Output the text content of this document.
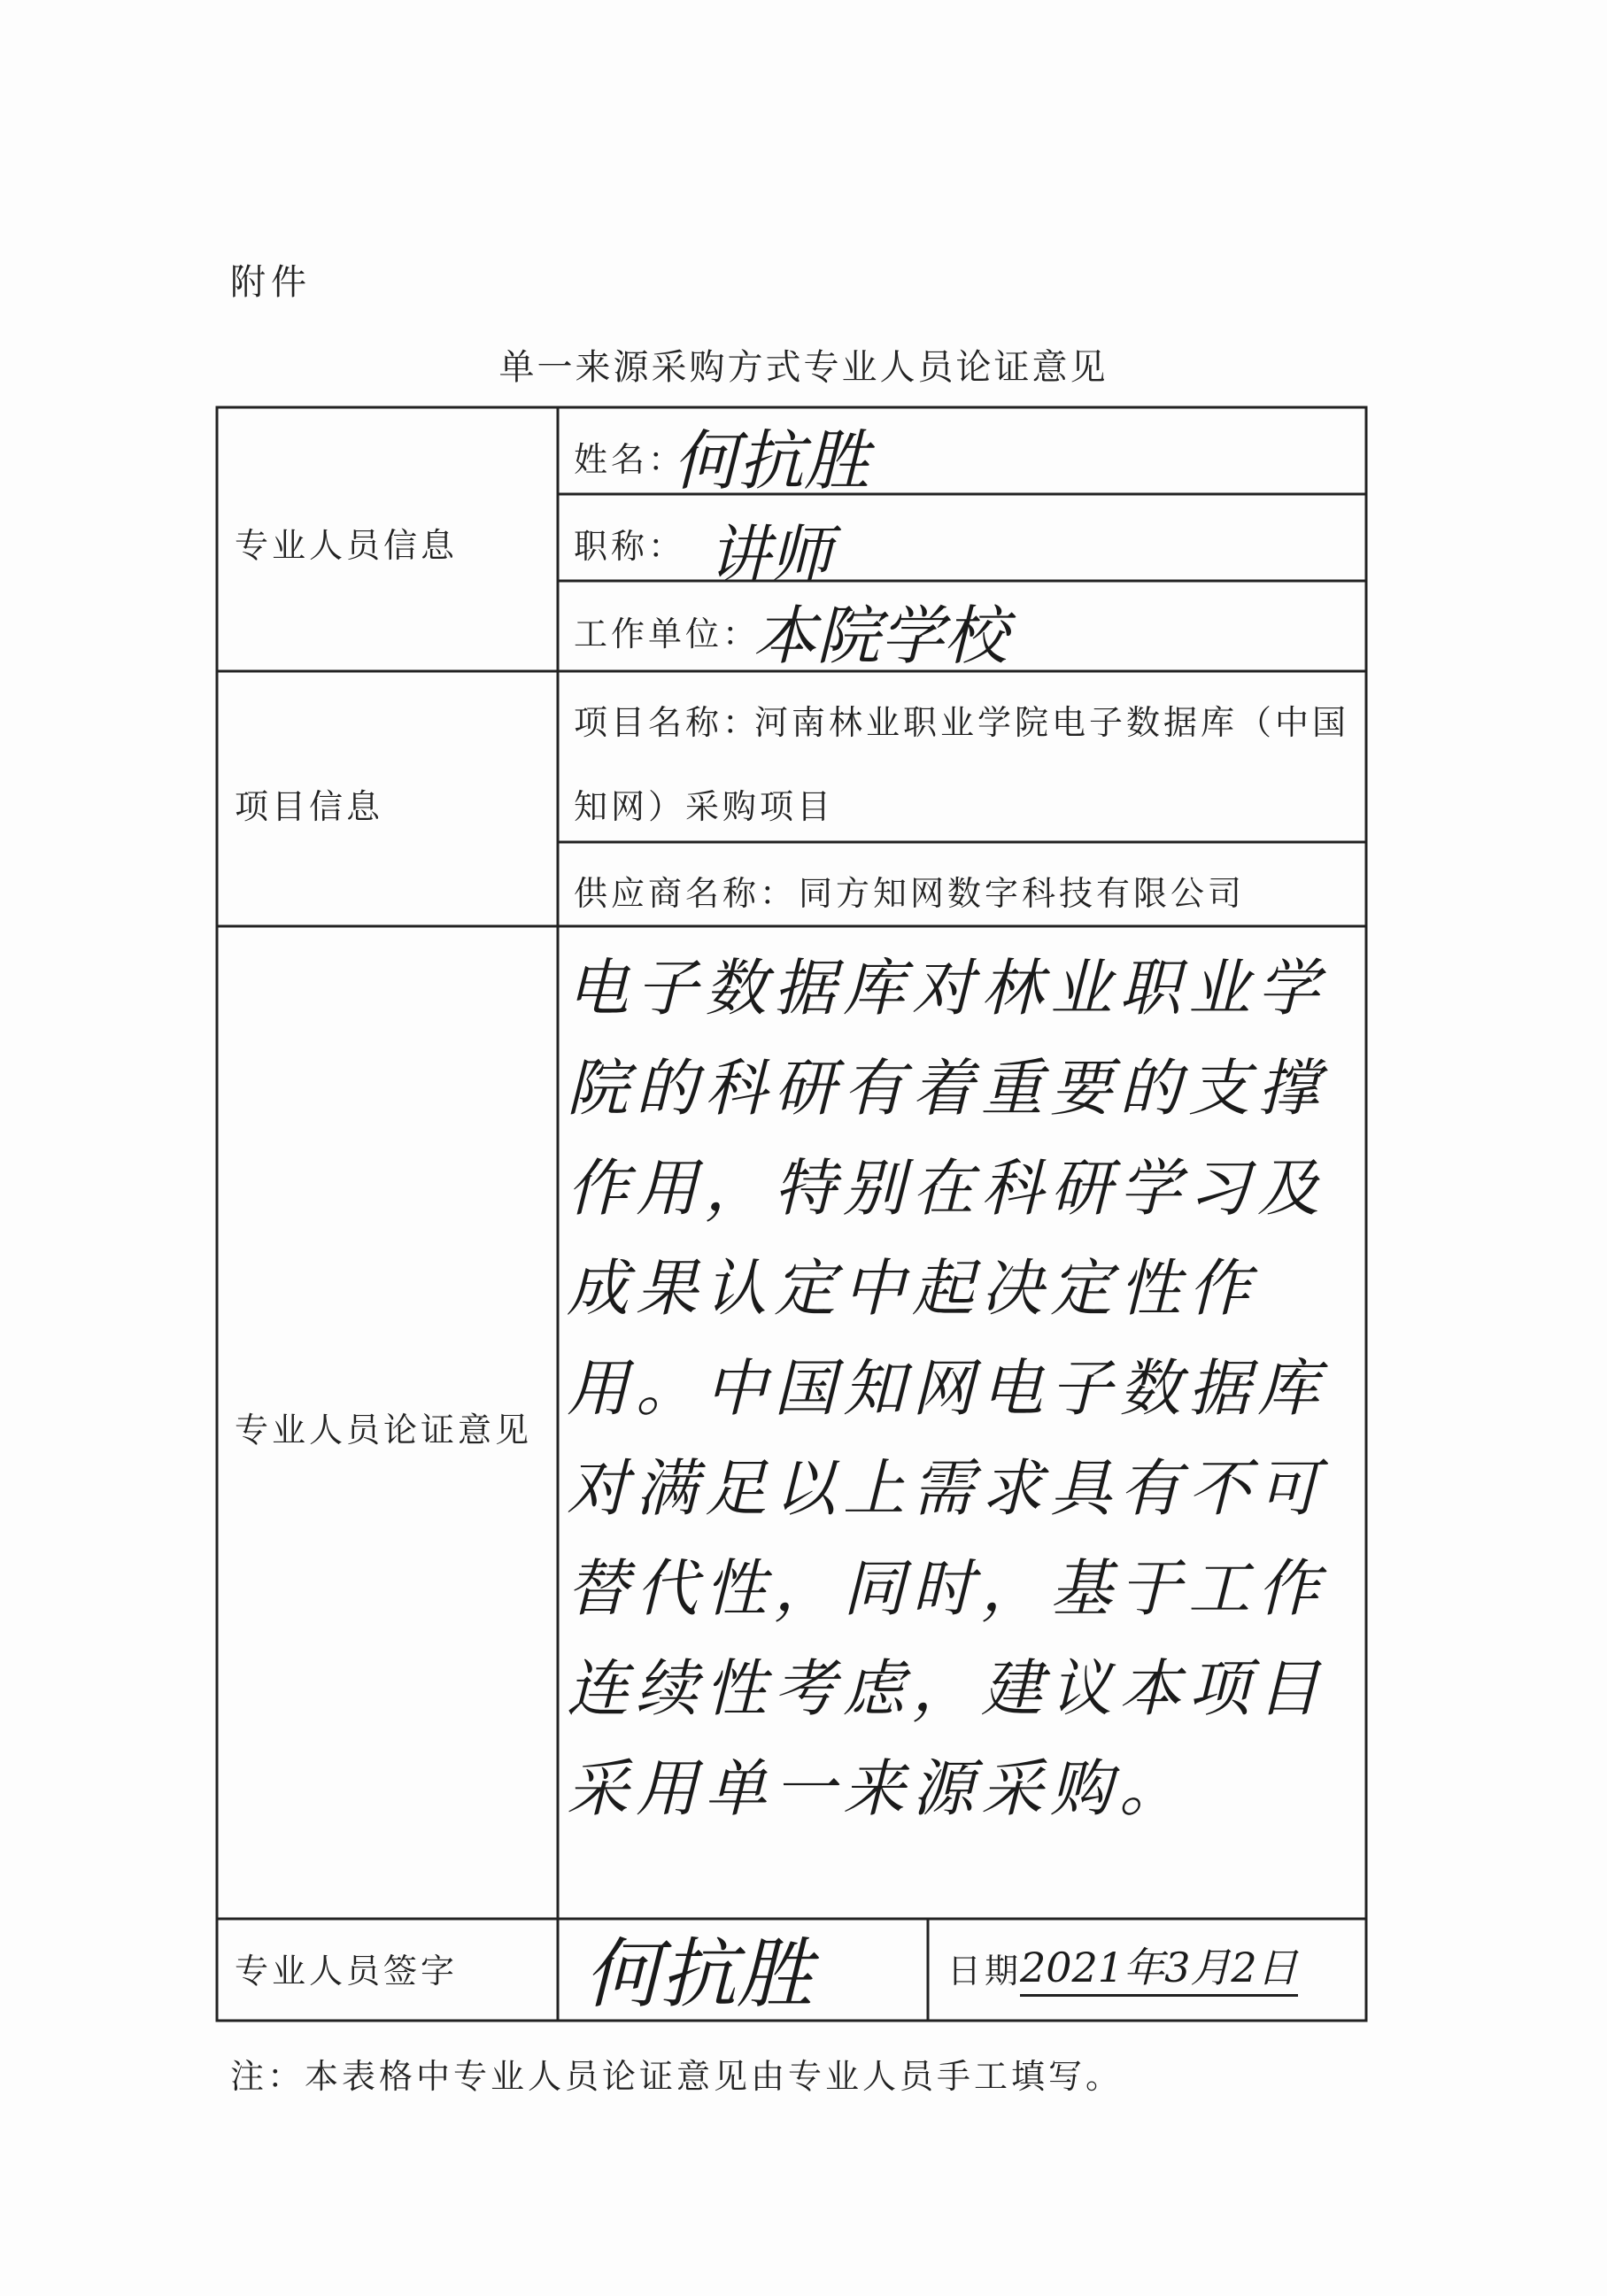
附件
单一来源采购方式专业人员论证意见
专业人员信息
姓名：
何抗胜
职称： 讲师
工作单位：
本院学校
项目信息
项目名称：
河南林业职业学院电子数据库（中国
知网）采购项目
供应商名称： 同方知网数字科技有限公司
专业人员论证意见
电子数据库对林业职业学院的科研有着重要的支撑作用，特别在科研学习及成果认定中起决定性作用。中国知网电子数据库对满足以上需求具有不可替代性，同时，基于工作连续性考虑，建议本项目采用单一来源采购。
专业人员签字 何抗胜	日期
2021年3月2日
注：本表格中专业人员论证意见由专业人员手工填写。
